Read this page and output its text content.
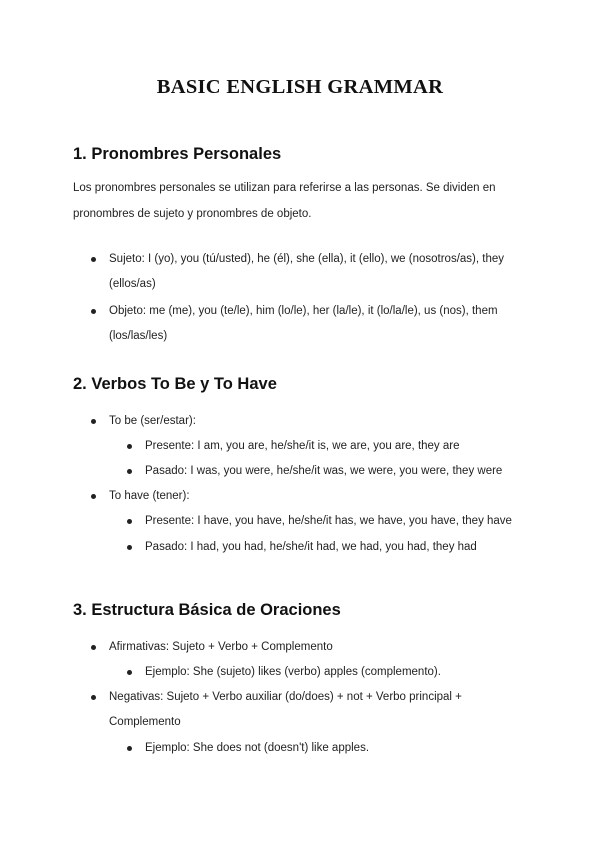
BASIC ENGLISH GRAMMAR
1. Pronombres Personales

Los pronombres personales se utilizan para referirse a las personas. Se dividen en pronombres de sujeto y pronombres de objeto.

Sujeto: I (yo), you (tú/usted), he (él), she (ella), it (ello), we (nosotros/as), they (ellos/as)
Objeto: me (me), you (te/le), him (lo/le), her (la/le), it (lo/la/le), us (nos), them (los/las/les)
2. Verbos To Be y To Have
To be (ser/estar):
Presente: I am, you are, he/she/it is, we are, you are, they are
Pasado: I was, you were, he/she/it was, we were, you were, they were
To have (tener):
Presente: I have, you have, he/she/it has, we have, you have, they have
Pasado: I had, you had, he/she/it had, we had, you had, they had
3. Estructura Básica de Oraciones
Afirmativas: Sujeto + Verbo + Complemento
Ejemplo: She (sujeto) likes (verbo) apples (complemento).
Negativas: Sujeto + Verbo auxiliar (do/does) + not + Verbo principal + Complemento
Ejemplo: She does not (doesn't) like apples.
